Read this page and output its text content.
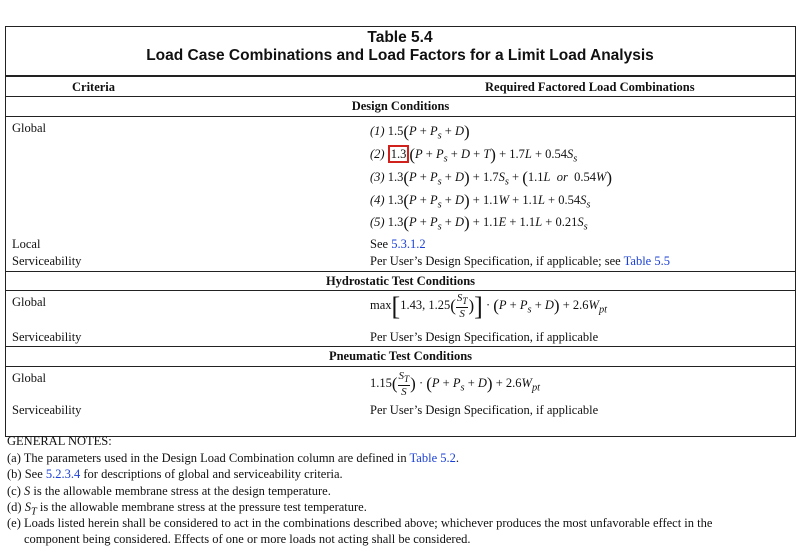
Table 5.4
Load Case Combinations and Load Factors for a Limit Load Analysis
Criteria	Required Factored Load Combinations
Design Conditions
Global	(1) $1.5(P + P_s + D)$
(2) 1.3 $(P + P_s + D + T) + 1.7L + 0.54S_s$
(3) $1.3(P + P_s + D) + 1.7S_s + (1.1L$ or  0.54W)
(4) $1.3(P + P_s + D) + 1.1W + 1.1L + 0.54S_s$
(5) $1.3(P + P_s + D) + 1.1E + 1.1L + 0.21S_s$
Local	See 5.3.1.2
Serviceability	Per User’s Design Specification, if applicable; see Table 5.5
Hydrostatic Test Conditions
Global	max[1.43, $1.25( \frac{S_T}{S}$ )] · $(P + P_s + D) + 2.6W_{pt}$
Serviceability	Per User’s Design Specification, if applicable
Pneumatic Test Conditions
Global	$1.15( \frac{S_T}{S}$ ) · $(P + P_s + D) + 2.6W_{pt}$
Serviceability	Per User’s Design Specification, if applicable
GENERAL NOTES:
(a) The parameters used in the Design Load Combination column are defined in Table 5.2.
(b) See 5.2.3.4 for descriptions of global and serviceability criteria.
(c) S is the allowable membrane stress at the design temperature.
(d) $S_T$ is the allowable membrane stress at the pressure test temperature.
(e) Loads listed herein shall be considered to act in the combinations described above; whichever produces the most unfavorable effect in the
component being considered. Effects of one or more loads not acting shall be considered.
